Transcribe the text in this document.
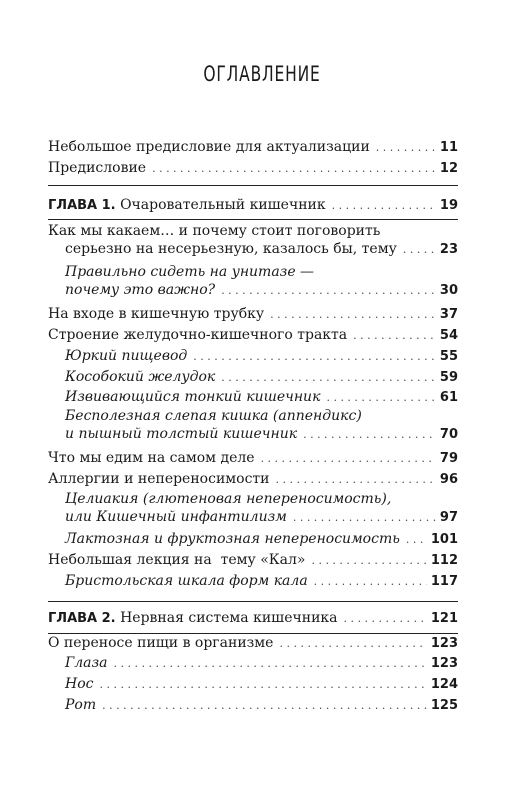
ОГЛАВЛЕНИЕ
Небольшое предисловие для актуализации . . .	11
Предисловие . . .	12
ГЛАВА 1. Очаровательный кишечник . . .	19
Как мы какаем… и почему стоит поговорить
серьезно на несерьезную, казалось бы, тему . . .	23
Правильно сидеть на унитазе —
почему это важно? . . .	30
На входе в кишечную трубку . . .	37
Строение желудочно-кишечного тракта . . .	54
Юркий пищевод . . .	55
Кособокий желудок . . .	59
Извивающийся тонкий кишечник . . .	61
Бесполезная слепая кишка (аппендикс)
и пышный толстый кишечник . . .	70
Что мы едим на самом деле . . .	79
Аллергии и непереносимости . . .	96
Целиакия (глютеновая непереносимость),
или Кишечный инфантилизм . . .	97
Лактозная и фруктозная непереносимость . . . 101
Небольшая лекция на  тему «Кал» . . .	112
Бристольская шкала форм кала . . .	117
ГЛАВА 2. Нервная система кишечника . . .	121
О переносе пищи в организме . . .	123
Глаза . . .	123
Нос . . .	124
Рот . . .	125
